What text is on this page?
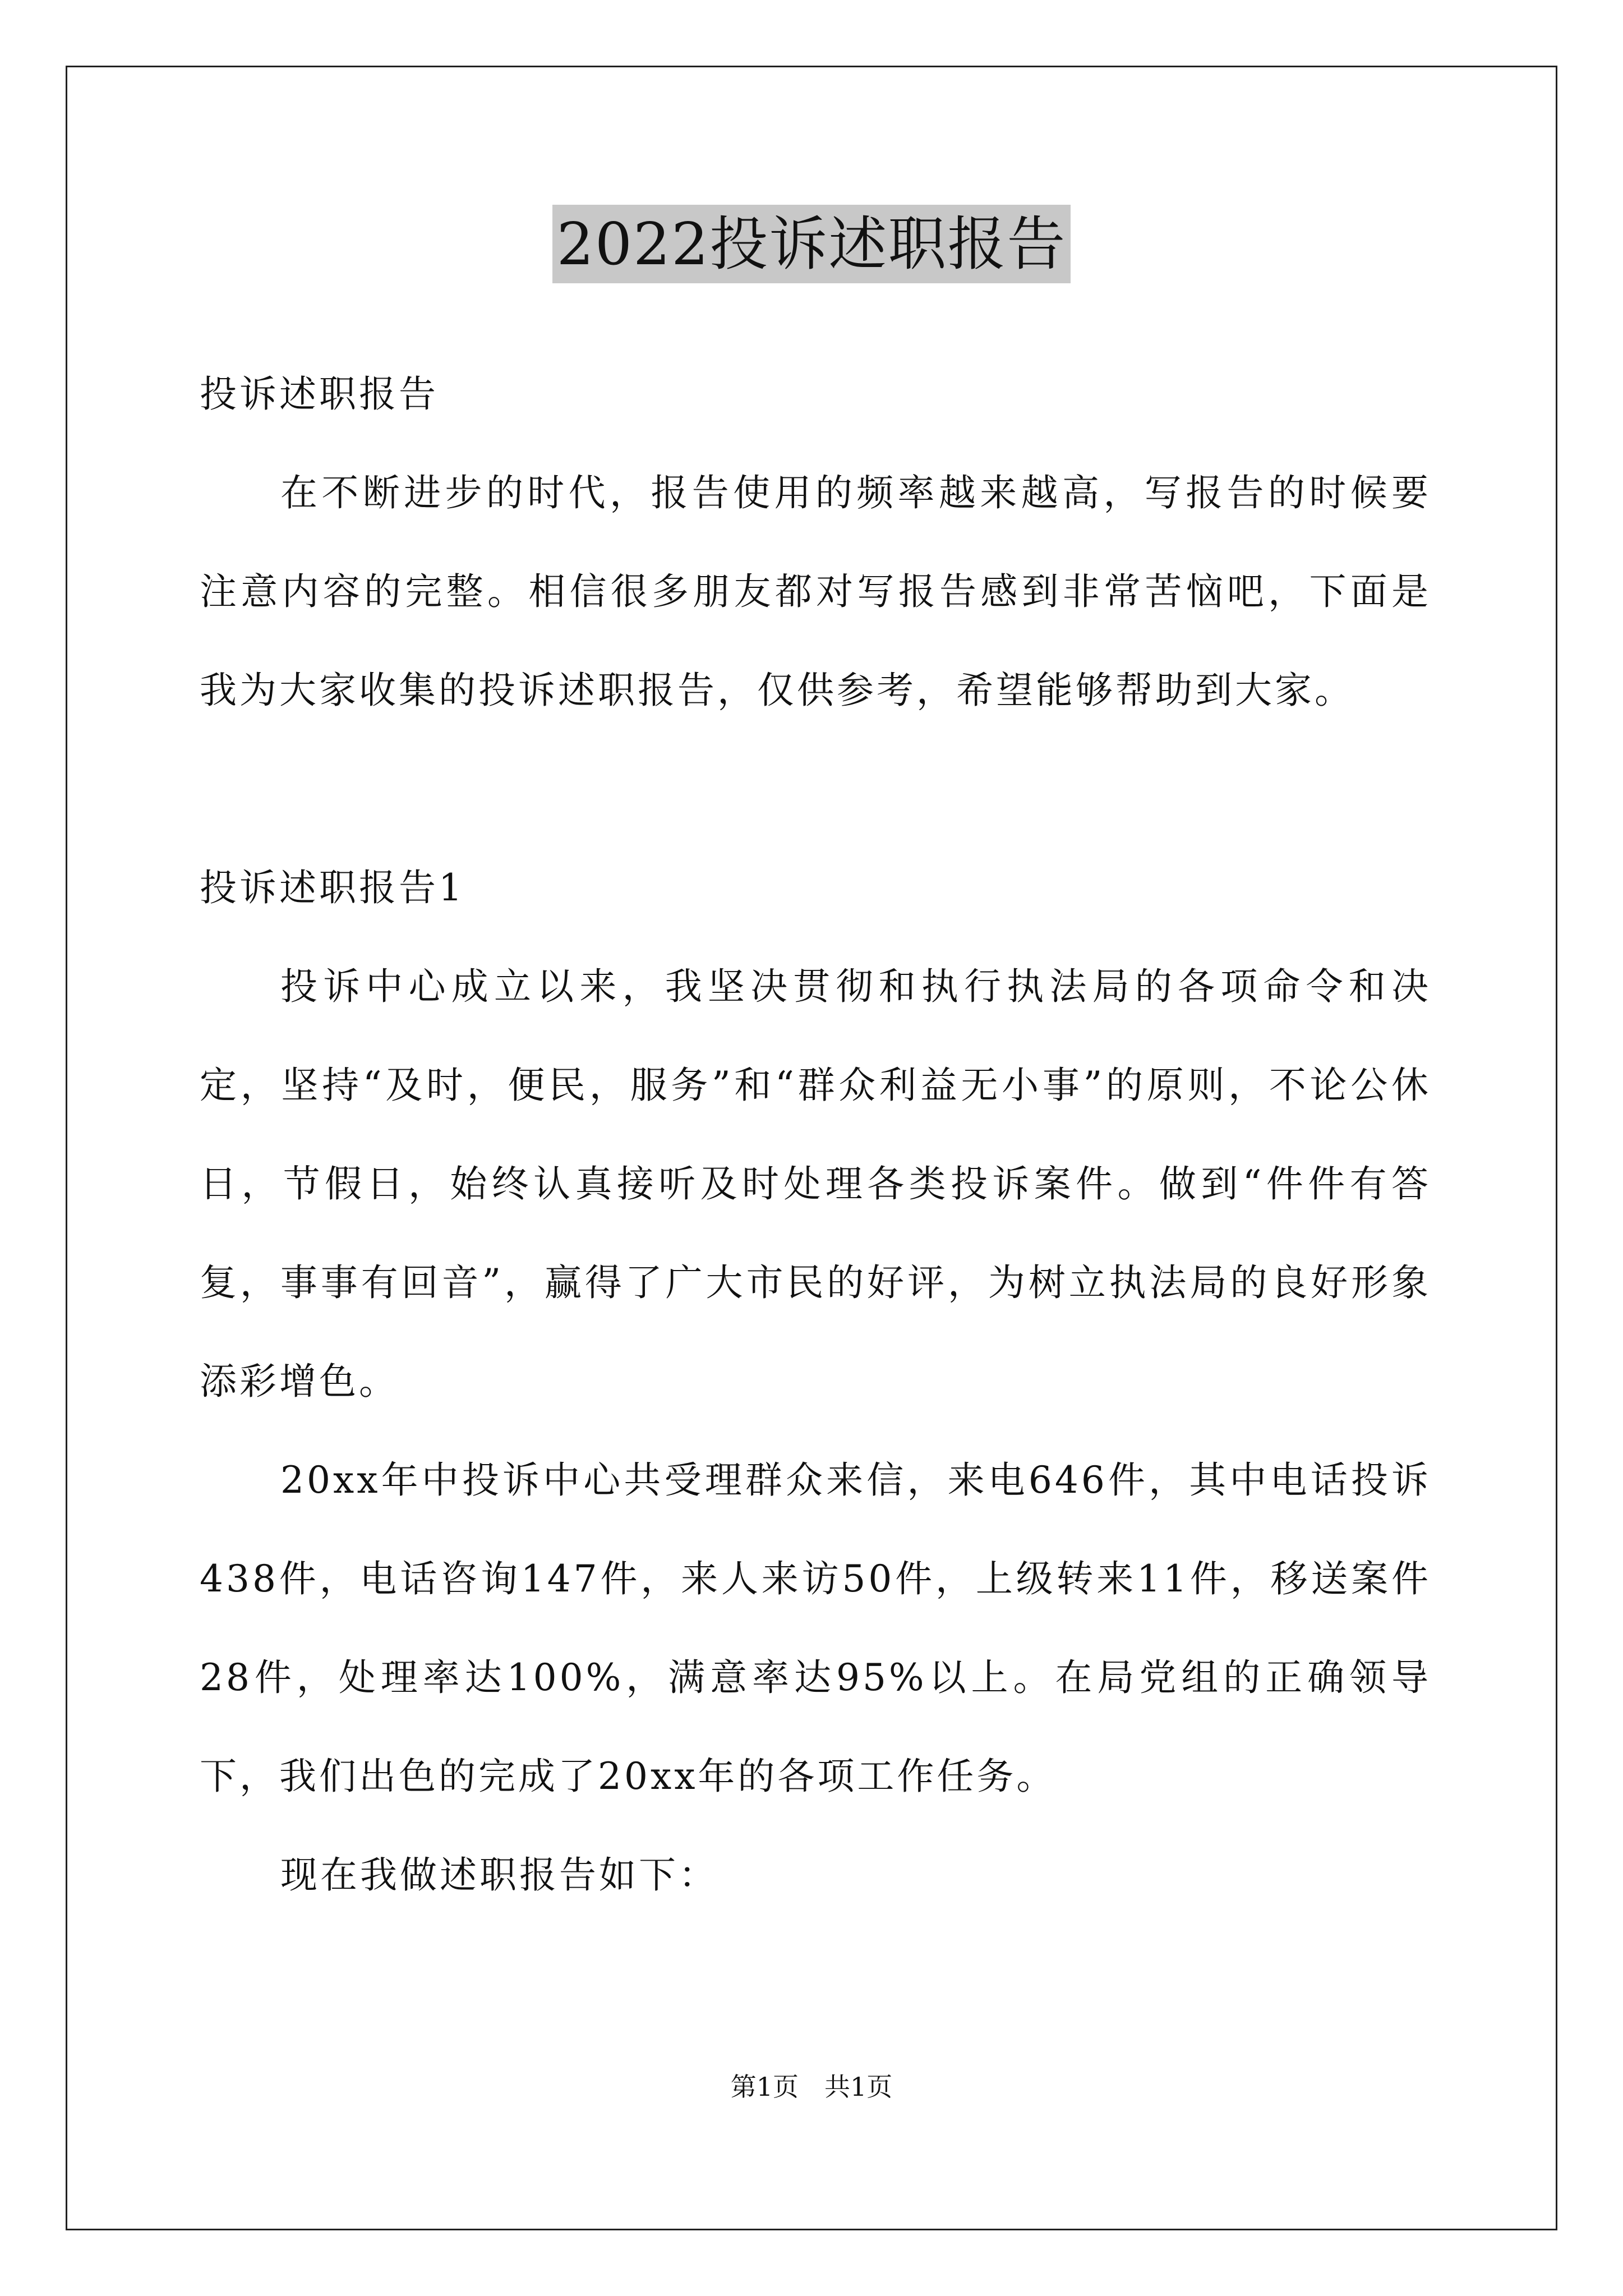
2022投诉述职报告

投诉述职报告

在不断进步的时代，报告使用的频率越来越高，写报告的时候要注意内容的完整。相信很多朋友都对写报告感到非常苦恼吧，下面是我为大家收集的投诉述职报告，仅供参考，希望能够帮助到大家。

投诉述职报告1

投诉中心成立以来，我坚决贯彻和执行执法局的各项命令和决定，坚持“及时，便民，服务”和“群众利益无小事”的原则，不论公休日，节假日，始终认真接听及时处理各类投诉案件。做到“件件有答复，事事有回音”，赢得了广大市民的好评，为树立执法局的良好形象添彩增色。

20xx年中投诉中心共受理群众来信，来电646件，其中电话投诉438件，电话咨询147件，来人来访50件，上级转来11件，移送案件28件，处理率达100%，满意率达95%以上。在局党组的正确领导下，我们出色的完成了20xx年的各项工作任务。

现在我做述职报告如下：

第1页　共1页
